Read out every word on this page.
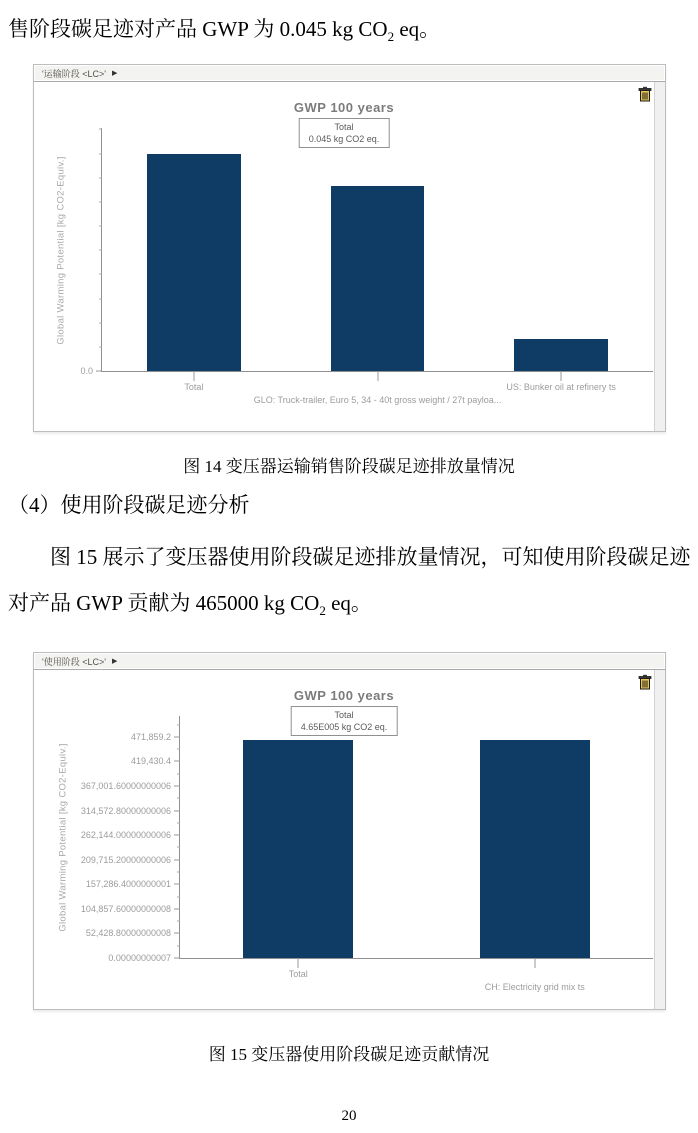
售阶段碳足迹对产品 GWP 为 0.045 kg $CO_2$ eq。

'运输阶段 <LC>' ▶
GWP 100 years
Total
0.045 kg CO2 eq.
Global Warming Potential [kg CO2-Equiv.]
Total
GLO: Truck-trailer, Euro 5, 34 - 40t gross weight / 27t payloa...
US: Bunker oil at refinery ts
0.0

图 14 变压器运输销售阶段碳足迹排放量情况

（4）使用阶段碳足迹分析

图 15 展示了变压器使用阶段碳足迹排放量情况，可知使用阶段碳足迹对产品 GWP 贡献为 465000 kg $CO_2$ eq。

'使用阶段 <LC>' ▶
GWP 100 years
Total
4.65E005 kg CO2 eq.
Global Warming Potential [kg CO2-Equiv.]
Total
CH: Electricity grid mix ts
471,859.2
419,430.4
367,001.60000000006
314,572.80000000006
262,144.00000000006
209,715.20000000006
157,286.4000000001
104,857.60000000008
52,428.80000000008
0.00000000007

图 15 变压器使用阶段碳足迹贡献情况

20
